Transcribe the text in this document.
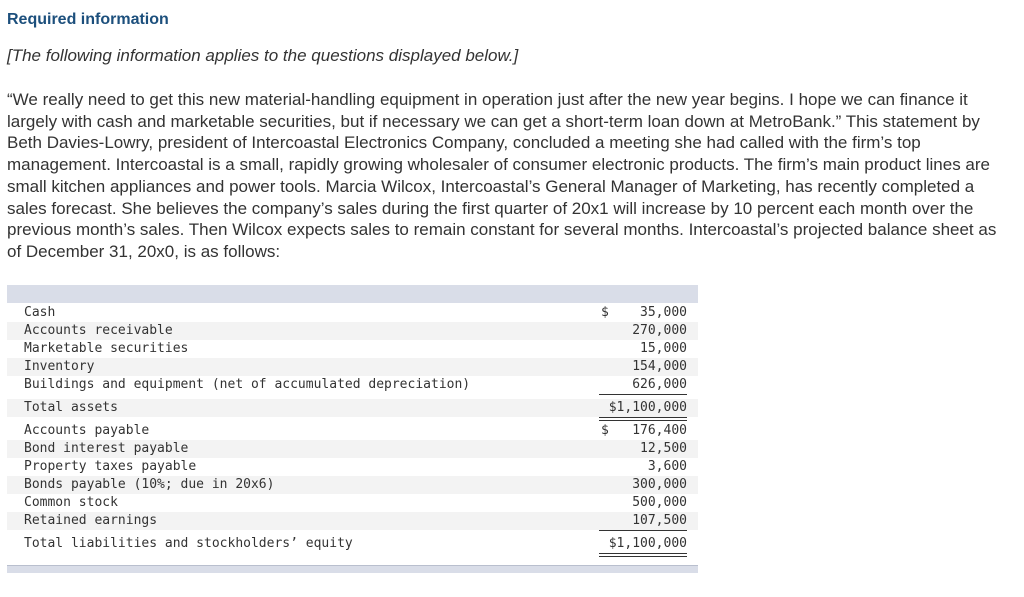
Required information
[The following information applies to the questions displayed below.]

“We really need to get this new material-handling equipment in operation just after the new year begins. I hope we can finance it largely with cash and marketable securities, but if necessary we can get a short-term loan down at MetroBank.” This statement by Beth Davies-Lowry, president of Intercoastal Electronics Company, concluded a meeting she had called with the firm’s top management. Intercoastal is a small, rapidly growing wholesaler of consumer electronic products. The firm’s main product lines are small kitchen appliances and power tools. Marcia Wilcox, Intercoastal’s General Manager of Marketing, has recently completed a sales forecast. She believes the company’s sales during the first quarter of 20x1 will increase by 10 percent each month over the previous month’s sales. Then Wilcox expects sales to remain constant for several months. Intercoastal’s projected balance sheet as of December 31, 20x0, is as follows:

Cash	$ 35,000
Accounts receivable	270,000
Marketable securities	15,000
Inventory	154,000
Buildings and equipment (net of accumulated depreciation)	626,000
Total assets	$1,100,000
Accounts payable	$ 176,400
Bond interest payable	12,500
Property taxes payable	3,600
Bonds payable (10%; due in 20x6)	300,000
Common stock	500,000
Retained earnings	107,500
Total liabilities and stockholders’ equity	$1,100,000
